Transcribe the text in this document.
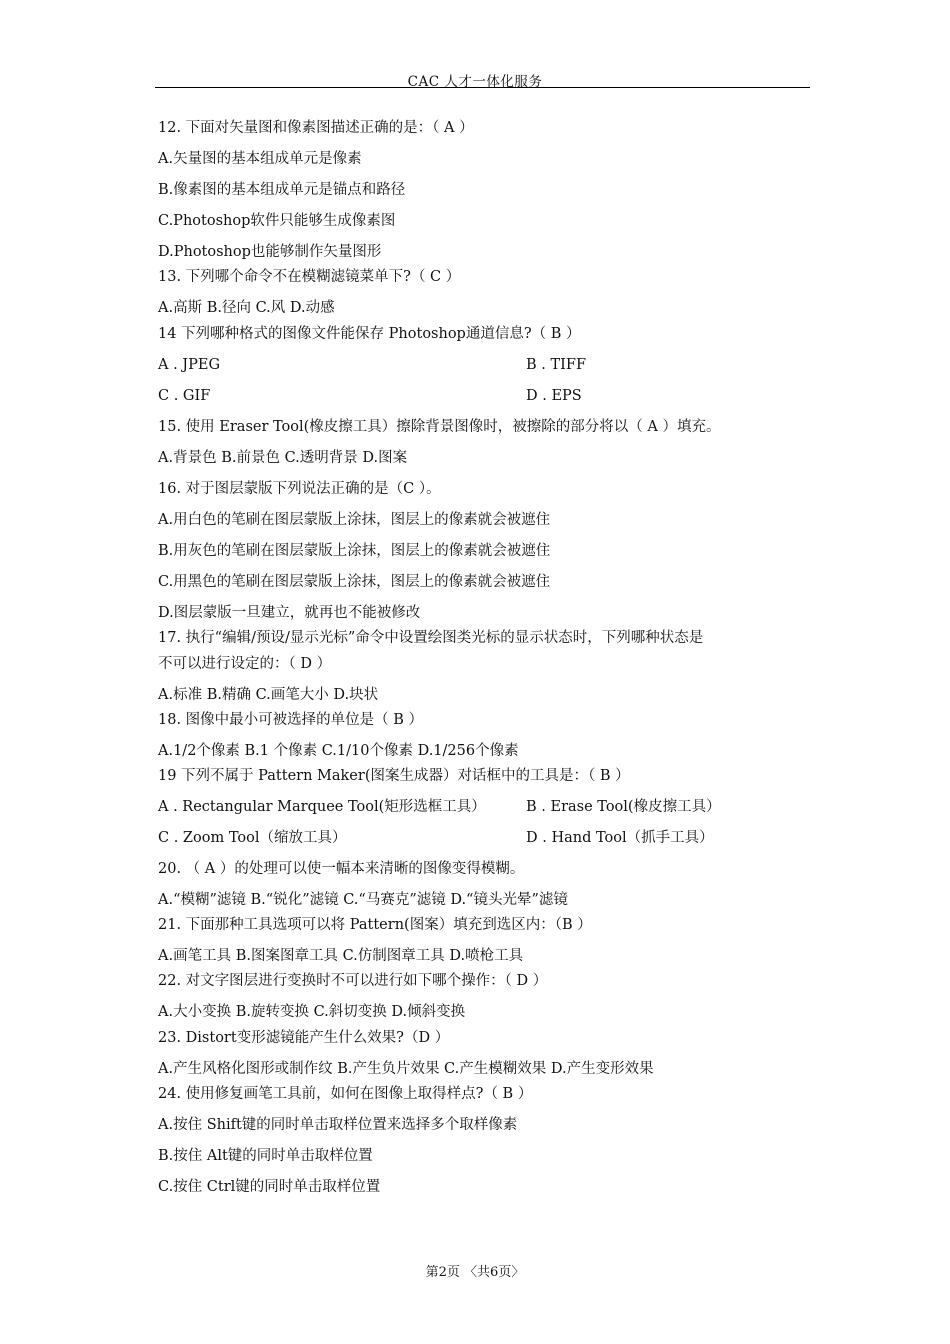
CAC 人才一体化服务
12. 下面对矢量图和像素图描述正确的是：（ A ）
A.矢量图的基本组成单元是像素
B.像素图的基本组成单元是锚点和路径
C.Photoshop软件只能够生成像素图
D.Photoshop也能够制作矢量图形
13. 下列哪个命令不在模糊滤镜菜单下?（ C ）
A.高斯 B.径向 C.风 D.动感
14 下列哪种格式的图像文件能保存 Photoshop通道信息?（ B ）
A . JPEG	B . TIFF
C . GIF	D . EPS
15. 使用 Eraser Tool(橡皮擦工具）擦除背景图像时，被擦除的部分将以（ A ）填充。
A.背景色 B.前景色 C.透明背景 D.图案
16. 对于图层蒙版下列说法正确的是（C ）。
A.用白色的笔刷在图层蒙版上涂抹，图层上的像素就会被遮住
B.用灰色的笔刷在图层蒙版上涂抹，图层上的像素就会被遮住
C.用黑色的笔刷在图层蒙版上涂抹，图层上的像素就会被遮住
D.图层蒙版一旦建立，就再也不能被修改
17. 执行“编辑/预设/显示光标”命令中设置绘图类光标的显示状态时，下列哪种状态是
不可以进行设定的：（ D ）
A.标准 B.精确 C.画笔大小 D.块状
18. 图像中最小可被选择的单位是（ B ）
A.1/2个像素 B.1 个像素 C.1/10个像素 D.1/256个像素
19 下列不属于 Pattern Maker(图案生成器）对话框中的工具是：（ B ）
A . Rectangular Marquee Tool(矩形选框工具）	B . Erase Tool(橡皮擦工具）
C . Zoom Tool（缩放工具）	D . Hand Tool（抓手工具）
20. （ A ）的处理可以使一幅本来清晰的图像变得模糊。
A.“模糊”滤镜 B.“锐化”滤镜 C.“马赛克”滤镜 D.“镜头光晕”滤镜
21. 下面那种工具选项可以将 Pattern(图案）填充到选区内：（B ）
A.画笔工具 B.图案图章工具 C.仿制图章工具 D.喷枪工具
22. 对文字图层进行变换时不可以进行如下哪个操作：（ D ）
A.大小变换 B.旋转变换 C.斜切变换 D.倾斜变换
23. Distort变形滤镜能产生什么效果?（D ）
A.产生风格化图形或制作纹 B.产生负片效果 C.产生模糊效果 D.产生变形效果
24. 使用修复画笔工具前，如何在图像上取得样点?（ B ）
A.按住 Shift键的同时单击取样位置来选择多个取样像素
B.按住 Alt键的同时单击取样位置
C.按住 Ctrl键的同时单击取样位置
第2页 〈共6页〉
